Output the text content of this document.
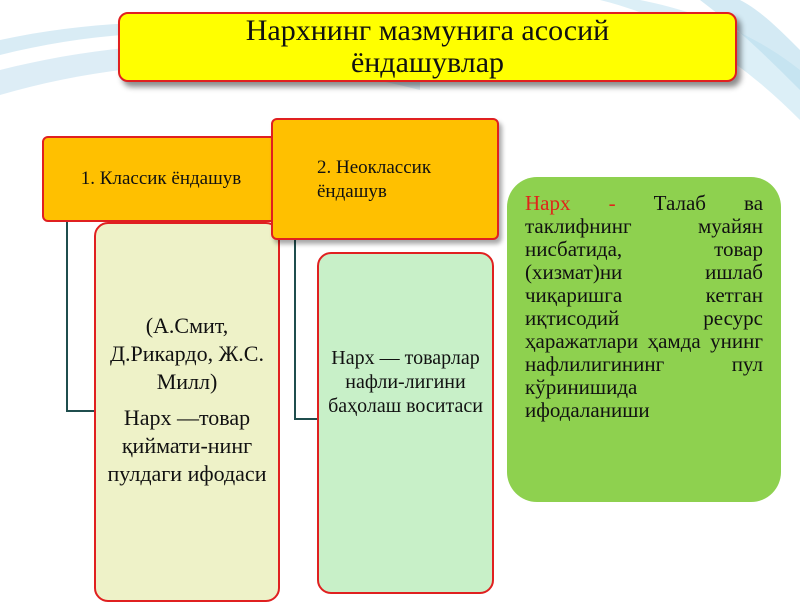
Нархнинг мазмунига асосий ёндашувлар
1. Классик ёндашув
(А.Смит, Д.Рикардо, Ж.С. Милл)
Нарх —товар қиймати-нинг пулдаги ифодаси
2. Неоклассик ёндашув
Нарх — товарлар нафли-лигини баҳолаш воситаси
Нарх - Талаб ва таклифнинг муайян нисбатида, товар (хизмат)ни ишлаб чиқаришга кетган иқтисодий ресурс ҳаражатлари ҳамда унинг нафлилигининг пул кўринишида ифодаланиши
